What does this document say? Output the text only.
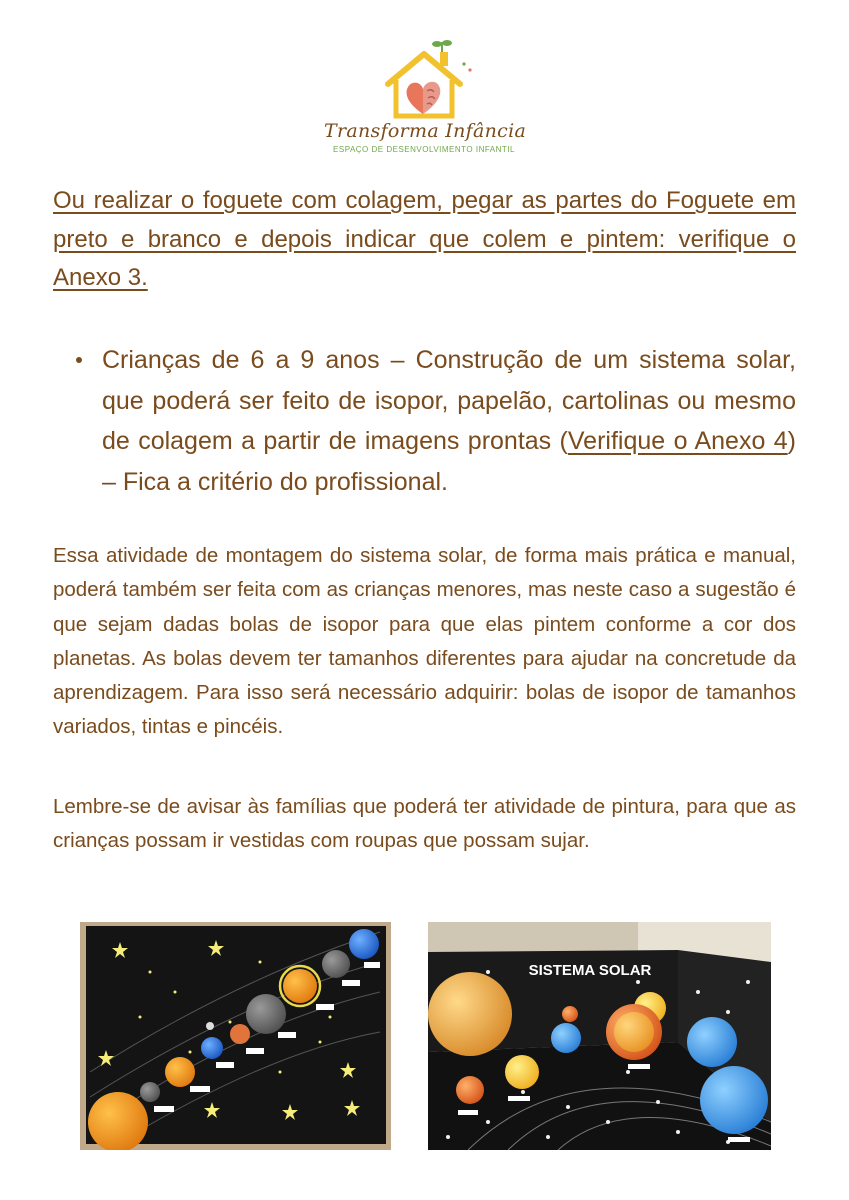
Transforma Infância
ESPAÇO DE DESENVOLVIMENTO INFANTIL
Ou realizar o foguete com colagem, pegar as partes do Foguete em preto e branco e depois indicar que colem e pintem: verifique o Anexo 3.
Crianças de 6 a 9 anos – Construção de um sistema solar, que poderá ser feito de isopor, papelão, cartolinas ou mesmo de colagem a partir de imagens prontas (Verifique o Anexo 4) – Fica a critério do profissional.
Essa atividade de montagem do sistema solar, de forma mais prática e manual, poderá também ser feita com as crianças menores, mas neste caso a sugestão é que sejam dadas bolas de isopor para que elas pintem conforme a cor dos planetas. As bolas devem ter tamanhos diferentes para ajudar na concretude da aprendizagem. Para isso será necessário adquirir: bolas de isopor de tamanhos variados, tintas e pincéis.
Lembre-se de avisar às famílias que poderá ter atividade de pintura, para que as crianças possam ir vestidas com roupas que possam sujar.
SISTEMA SOLAR
